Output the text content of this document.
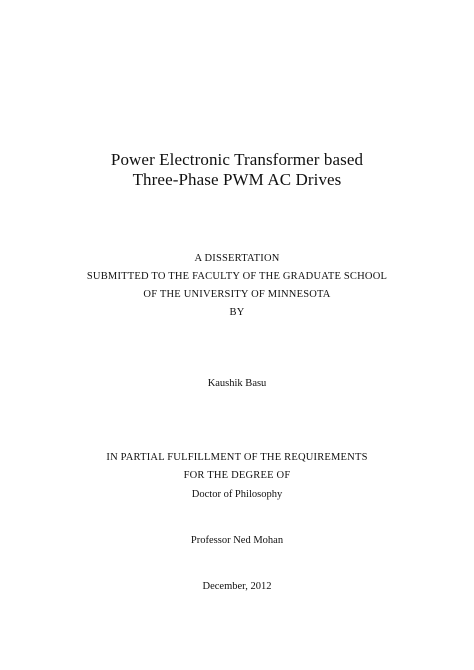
Power Electronic Transformer based
Three-Phase PWM AC Drives
A DISSERTATION
SUBMITTED TO THE FACULTY OF THE GRADUATE SCHOOL
OF THE UNIVERSITY OF MINNESOTA
BY
Kaushik Basu
IN PARTIAL FULFILLMENT OF THE REQUIREMENTS
FOR THE DEGREE OF
Doctor of Philosophy
Professor Ned Mohan
December, 2012
